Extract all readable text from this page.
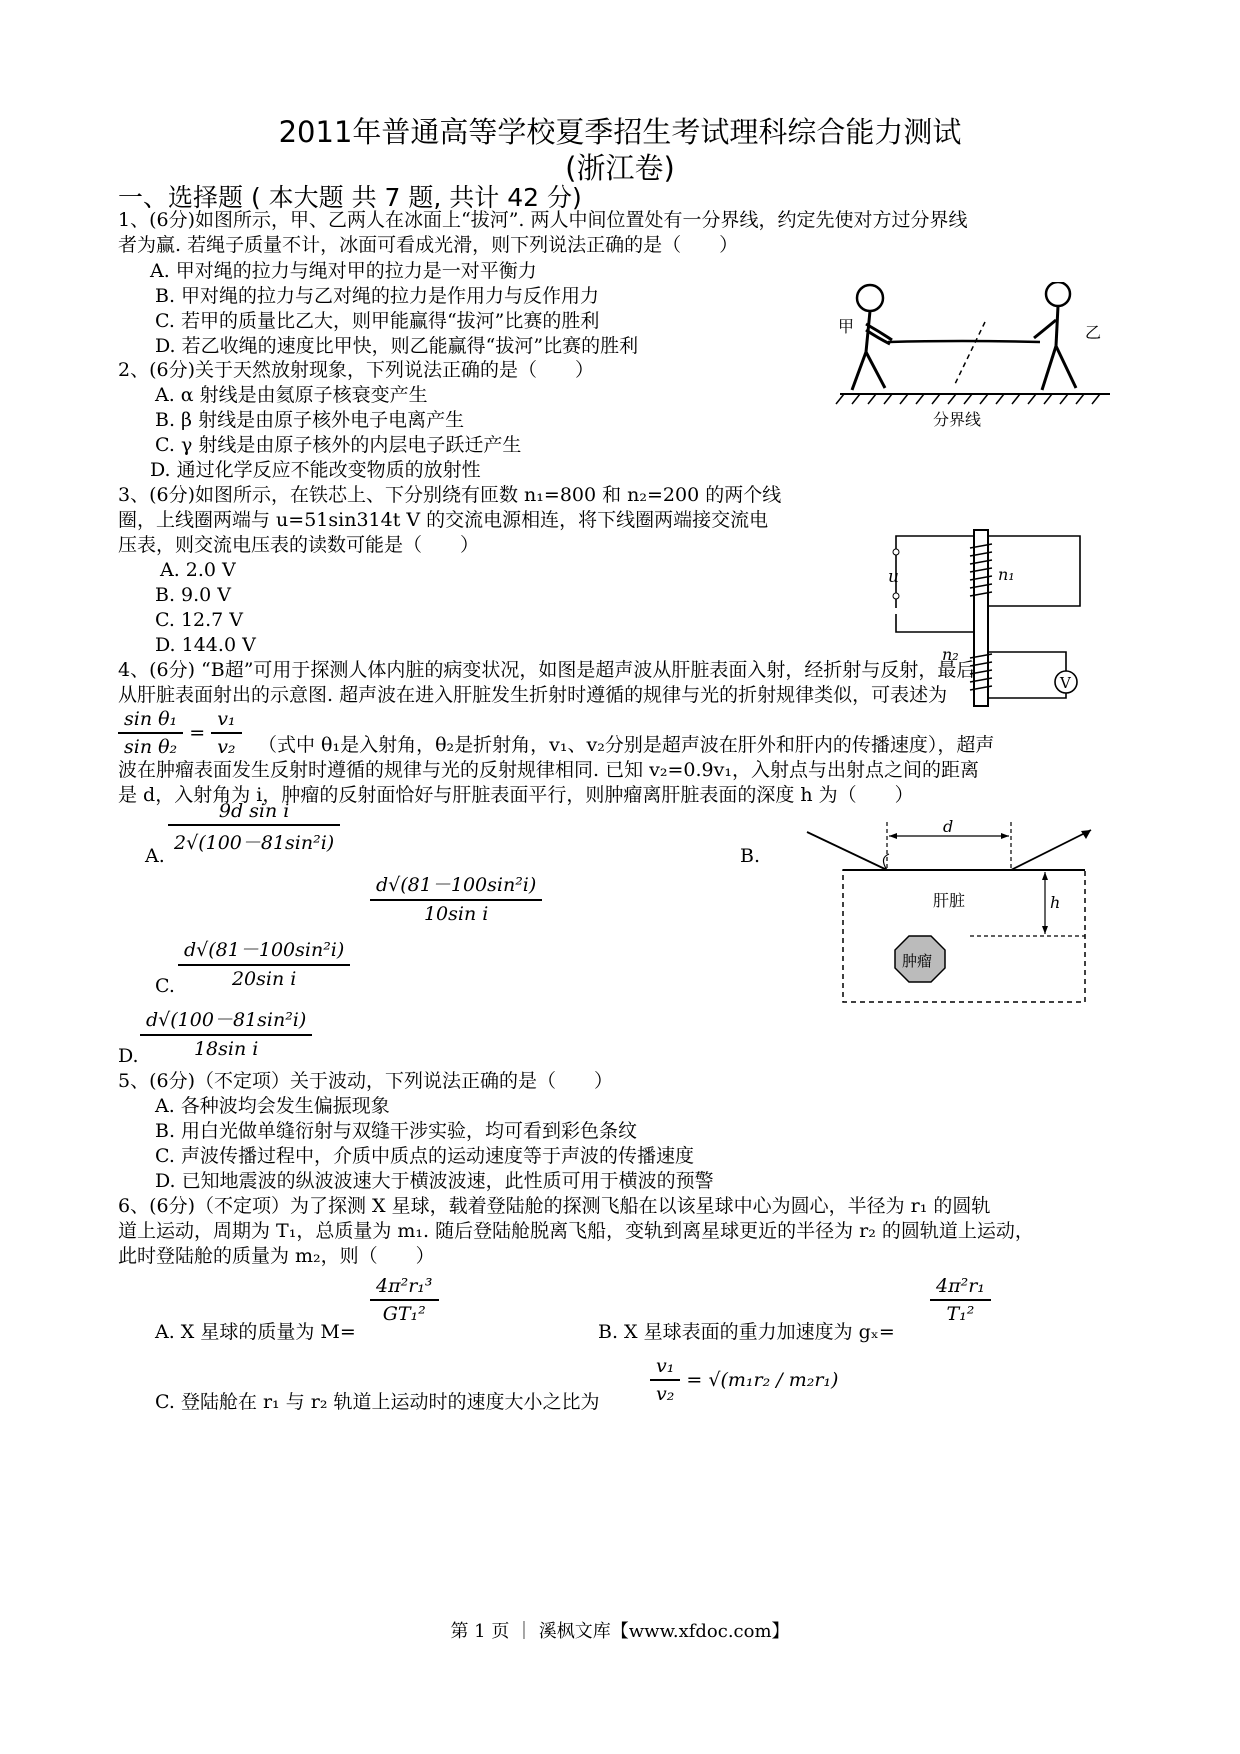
2011年普通高等学校夏季招生考试理科综合能力测试
(浙江卷)
一、选择题 ( 本大题 共 7 题, 共计 42 分)
1、(6分)如图所示，甲、乙两人在冰面上“拔河”. 两人中间位置处有一分界线，约定先使对方过分界线
者为赢. 若绳子质量不计，冰面可看成光滑，则下列说法正确的是（　　）
A. 甲对绳的拉力与绳对甲的拉力是一对平衡力
B. 甲对绳的拉力与乙对绳的拉力是作用力与反作用力
C. 若甲的质量比乙大，则甲能赢得“拔河”比赛的胜利
D. 若乙收绳的速度比甲快，则乙能赢得“拔河”比赛的胜利
甲	乙
分界线
2、(6分)关于天然放射现象，下列说法正确的是（　　）
A. α 射线是由氦原子核衰变产生
B. β 射线是由原子核外电子电离产生
C. γ 射线是由原子核外的内层电子跃迁产生
D. 通过化学反应不能改变物质的放射性
3、(6分)如图所示，在铁芯上、下分别绕有匝数 n₁=800 和 n₂=200 的两个线
圈，上线圈两端与 u=51sin314t V 的交流电源相连，将下线圈两端接交流电
压表，则交流电压表的读数可能是（　　）
A. 2.0 V
B. 9.0 V
C. 12.7 V
D. 144.0 V
V
u	n₁
n₂
4、(6分) “B超”可用于探测人体内脏的病变状况，如图是超声波从肝脏表面入射，经折射与反射，最后
从肝脏表面射出的示意图. 超声波在进入肝脏发生折射时遵循的规律与光的折射规律类似，可表述为
$\frac{\text{sin θ₁}}{\text{sin θ₂}} = \frac{\text{v₁}}{\text{v₂}}$ （式中 θ₁是入射角，θ₂是折射角，v₁、v₂分别是超声波在肝外和肝内的传播速度），超声
波在肿瘤表面发生反射时遵循的规律与光的反射规律相同. 已知 v₂=0.9v₁，入射点与出射点之间的距离
是 d，入射角为 i，肿瘤的反射面恰好与肝脏表面平行，则肿瘤离肝脏表面的深度 h 为（　　）
A.
$\frac{\text{9d sin i}}{\text{2√(100－81sin²i)}}$
B.
$\frac{\text{d√(81－100sin²i)}}{\text{10sin i}}$
C. $\frac{\text{d√(81－100sin²i)}}{\text{20sin i}}$
D. $\frac{\text{d√(100－81sin²i)}}{\text{18sin i}}$
d
h
肝脏
肿瘤
5、(6分)（不定项）关于波动，下列说法正确的是（　　）
A. 各种波均会发生偏振现象
B. 用白光做单缝衍射与双缝干涉实验，均可看到彩色条纹
C. 声波传播过程中，介质中质点的运动速度等于声波的传播速度
D. 已知地震波的纵波波速大于横波波速，此性质可用于横波的预警
6、(6分)（不定项）为了探测 X 星球，载着登陆舱的探测飞船在以该星球中心为圆心，半径为 r₁ 的圆轨
道上运动，周期为 T₁，总质量为 m₁. 随后登陆舱脱离飞船，变轨到离星球更近的半径为 r₂ 的圆轨道上运动，
此时登陆舱的质量为 m₂，则（　　）
A. X 星球的质量为 M=
$\frac{\text{4π²r₁³}}{\text{GT₁²}}$
B. X 星球表面的重力加速度为 gₓ=
$\frac{\text{4π²r₁}}{\text{T₁²}}$
C. 登陆舱在 r₁ 与 r₂ 轨道上运动时的速度大小之比为	$\frac{\text{v₁}}{\text{v₂}} = √(m_1r_2 / m_2r_1)$
第 1 页 ｜ 溪枫文库【www.xfdoc.com】
